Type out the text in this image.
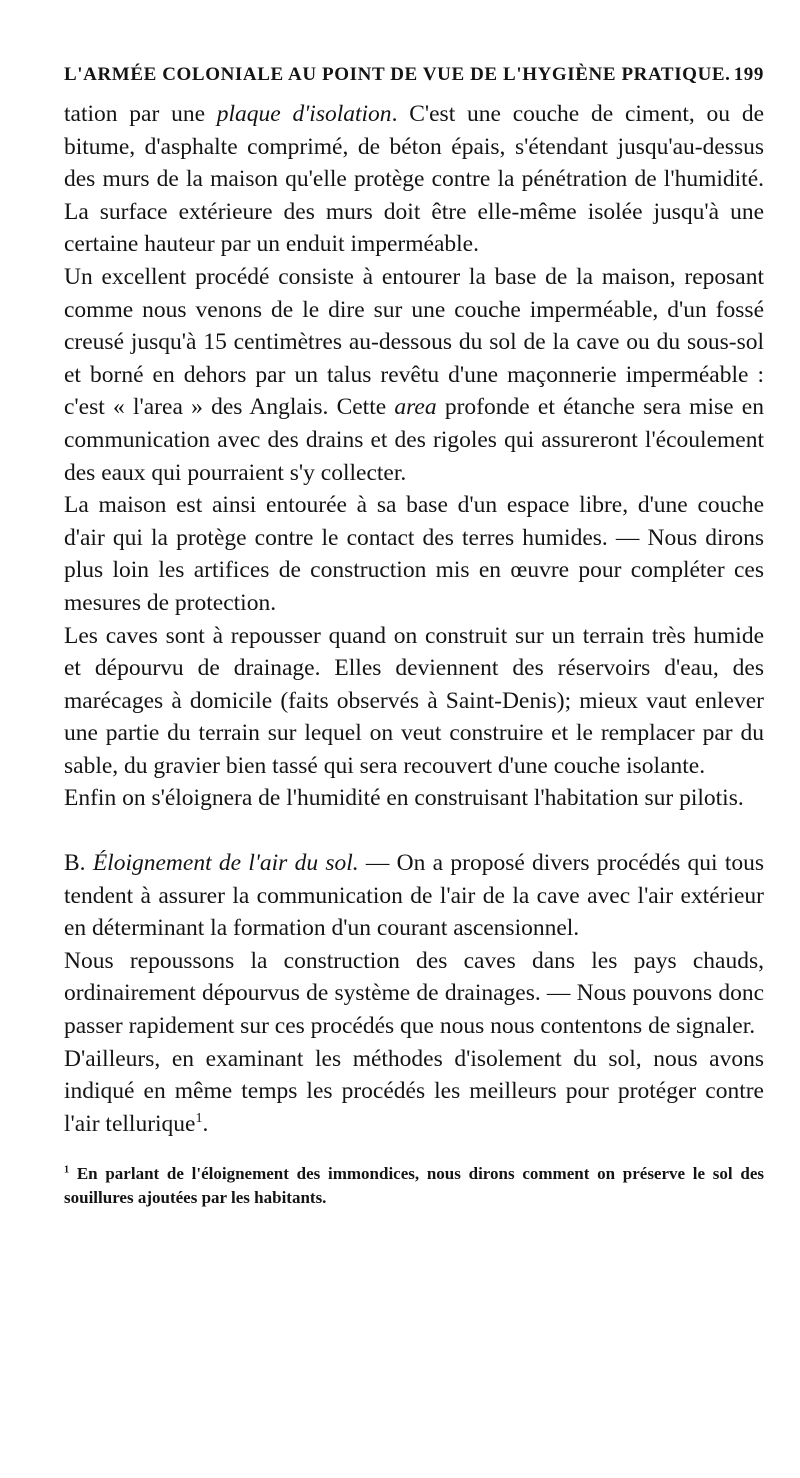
L'ARMÉE COLONIALE AU POINT DE VUE DE L'HYGIÈNE PRATIQUE. 199

tation par une plaque d'isolation. C'est une couche de ciment, ou de bitume, d'asphalte comprimé, de béton épais, s'étendant jusqu'au-dessus des murs de la maison qu'elle protège contre la pénétration de l'humidité. La surface extérieure des murs doit être elle-même isolée jusqu'à une certaine hauteur par un enduit imperméable.

Un excellent procédé consiste à entourer la base de la maison, reposant comme nous venons de le dire sur une couche imperméable, d'un fossé creusé jusqu'à 15 centimètres au-dessous du sol de la cave ou du sous-sol et borné en dehors par un talus revêtu d'une maçonnerie imperméable : c'est « l'area » des Anglais. Cette area profonde et étanche sera mise en communication avec des drains et des rigoles qui assureront l'écoulement des eaux qui pourraient s'y collecter.

La maison est ainsi entourée à sa base d'un espace libre, d'une couche d'air qui la protège contre le contact des terres humides. — Nous dirons plus loin les artifices de construction mis en œuvre pour compléter ces mesures de protection.

Les caves sont à repousser quand on construit sur un terrain très humide et dépourvu de drainage. Elles deviennent des réservoirs d'eau, des marécages à domicile (faits observés à Saint-Denis); mieux vaut enlever une partie du terrain sur lequel on veut construire et le remplacer par du sable, du gravier bien tassé qui sera recouvert d'une couche isolante.

Enfin on s'éloignera de l'humidité en construisant l'habitation sur pilotis.

B. Éloignement de l'air du sol. — On a proposé divers procédés qui tous tendent à assurer la communication de l'air de la cave avec l'air extérieur en déterminant la formation d'un courant ascensionnel.

Nous repoussons la construction des caves dans les pays chauds, ordinairement dépourvus de système de drainages. — Nous pouvons donc passer rapidement sur ces procédés que nous nous contentons de signaler.

D'ailleurs, en examinant les méthodes d'isolement du sol, nous avons indiqué en même temps les procédés les meilleurs pour protéger contre l'air tellurique$^1$.

$^1$ En parlant de l'éloignement des immondices, nous dirons comment on préserve le sol des souillures ajoutées par les habitants.
